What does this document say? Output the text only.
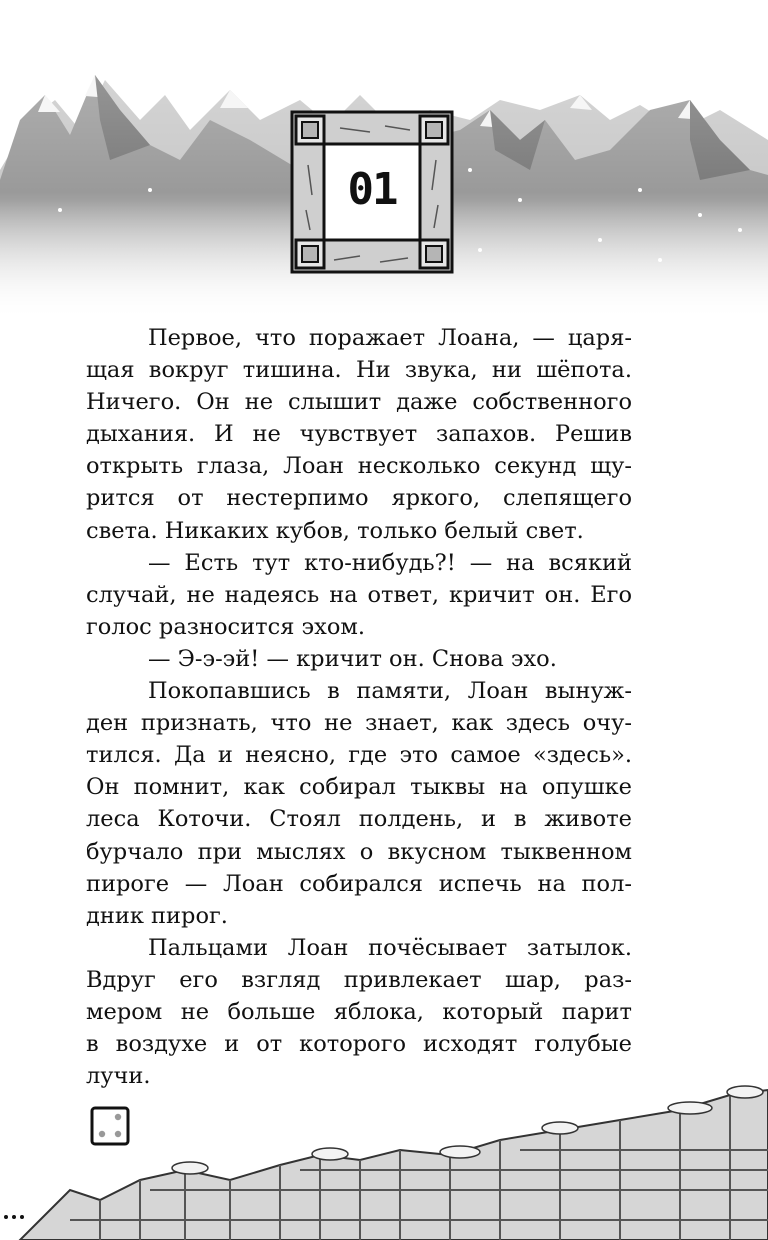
01
Первое, что поражает Лоана, — царя-
щая вокруг тишина. Ни звука, ни шёпота.
Ничего. Он не слышит даже собственного
дыхания. И не чувствует запахов. Решив
открыть глаза, Лоан несколько секунд щу-
рится от нестерпимо яркого, слепящего
света. Никаких кубов, только белый свет.
— Есть тут кто-нибудь?! — на всякий
случай, не надеясь на ответ, кричит он. Его
голос разносится эхом.
— Э-э-эй! — кричит он. Снова эхо.
Покопавшись в памяти, Лоан вынуж-
ден признать, что не знает, как здесь очу-
тился. Да и неясно, где это самое «здесь».
Он помнит, как собирал тыквы на опушке
леса Коточи. Стоял полдень, и в животе
бурчало при мыслях о вкусном тыквенном
пироге — Лоан собирался испечь на пол-
дник пирог.
Пальцами Лоан почёсывает затылок.
Вдруг его взгляд привлекает шар, раз-
мером не больше яблока, который парит
в воздухе и от которого исходят голубые
лучи.
